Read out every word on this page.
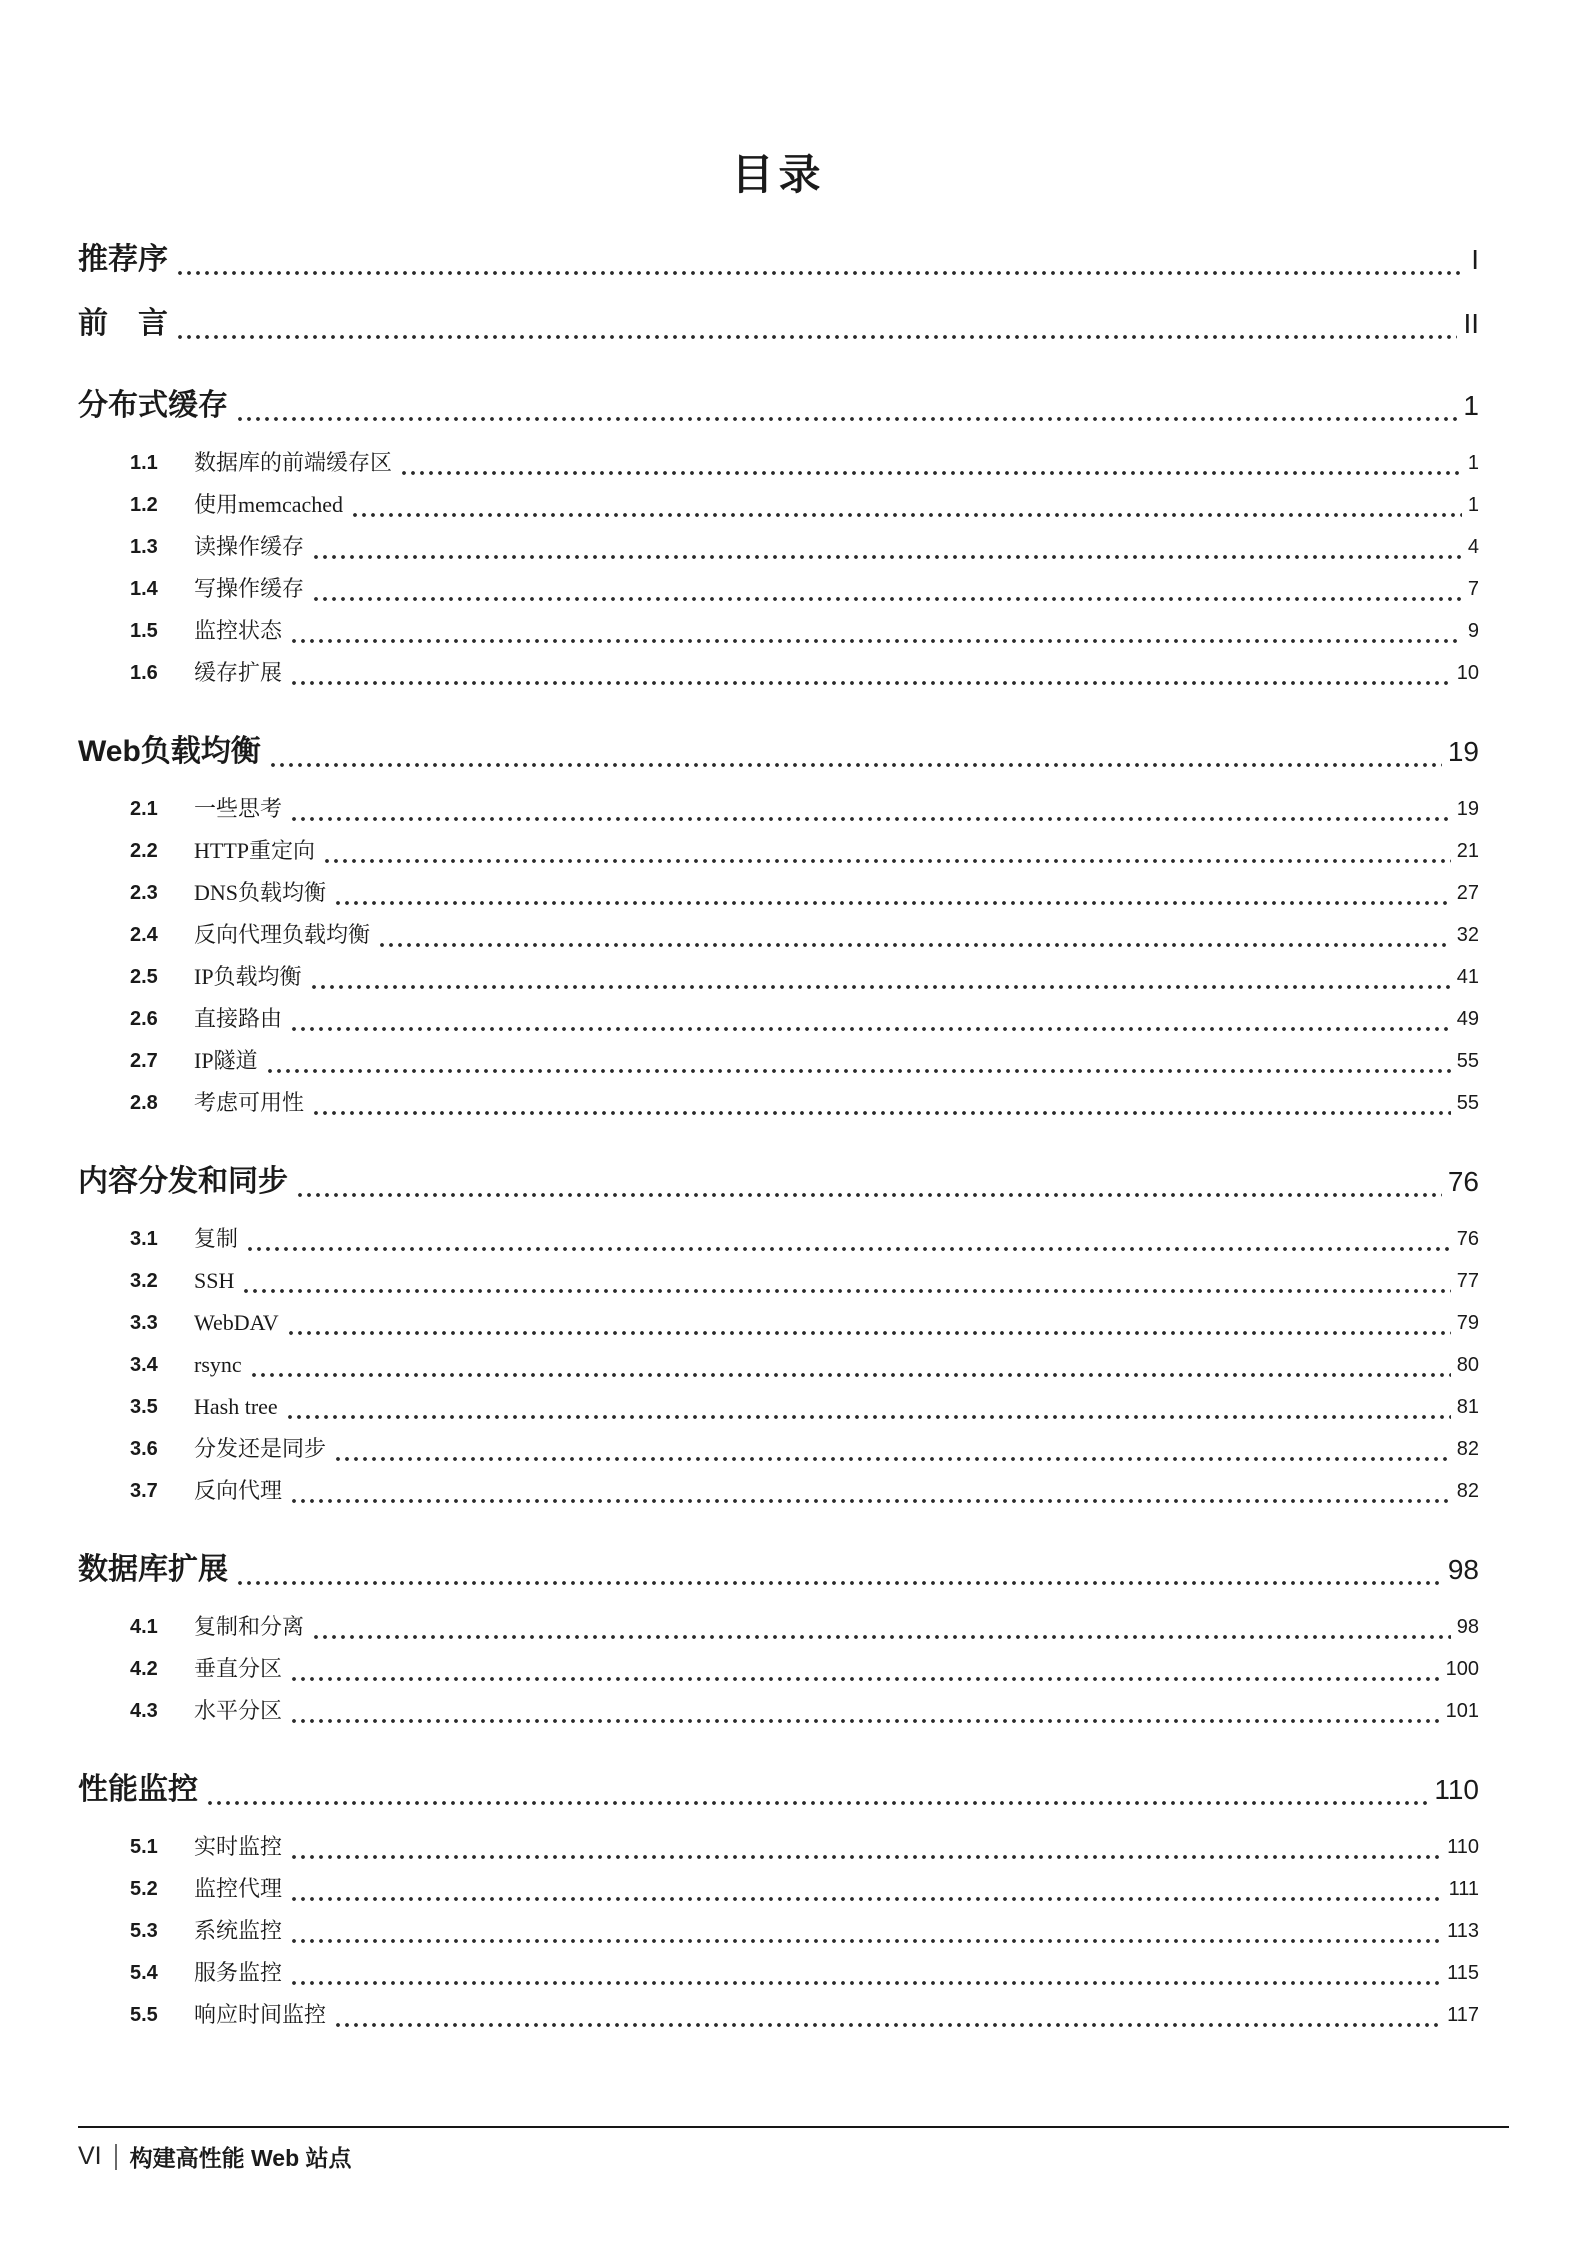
目录
推荐序	I
前　言	II
分布式缓存	1
1.1	数据库的前端缓存区	1
1.2	使用memcached	1
1.3	读操作缓存	4
1.4	写操作缓存	7
1.5	监控状态	9
1.6	缓存扩展	10
Web负载均衡	19
2.1	一些思考	19
2.2	HTTP重定向	21
2.3	DNS负载均衡	27
2.4	反向代理负载均衡	32
2.5	IP负载均衡	41
2.6	直接路由	49
2.7	IP隧道	55
2.8	考虑可用性	55
内容分发和同步	76
3.1	复制	76
3.2	SSH	77
3.3	WebDAV	79
3.4	rsync	80
3.5	Hash tree	81
3.6	分发还是同步	82
3.7	反向代理	82
数据库扩展	98
4.1	复制和分离	98
4.2	垂直分区	100
4.3	水平分区	101
性能监控	110
5.1	实时监控	110
5.2	监控代理	111
5.3	系统监控	113
5.4	服务监控	115
5.5	响应时间监控	117
VI 构建高性能 Web 站点
